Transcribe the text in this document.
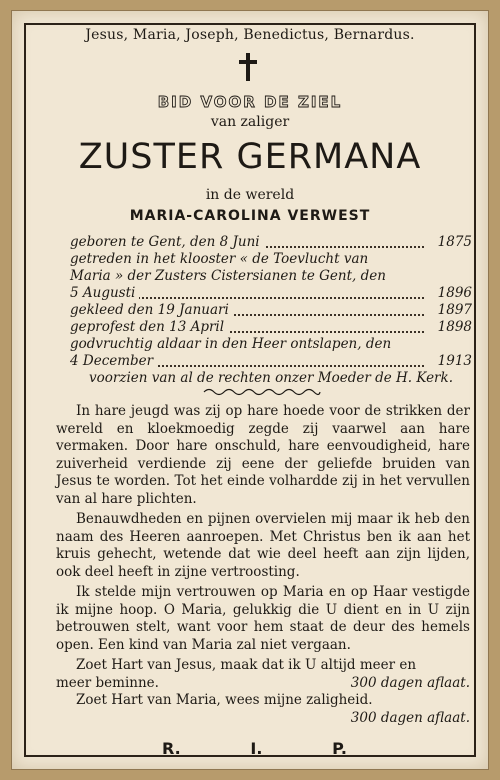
Jesus, Maria, Joseph, Benedictus, Bernardus.
BID VOOR DE ZIEL
van zaliger
ZUSTER GERMANA
in de wereld
MARIA-CAROLINA VERWEST
geboren te Gent, den 8 Juni	1875
getreden in het klooster « de Toevlucht van
Maria » der Zusters Cistersianen te Gent, den
5 Augusti	1896
gekleed den 19 Januari	1897
geprofest den 13 April	1898
godvruchtig aldaar in den Heer ontslapen, den
4 December	1913
voorzien van al de rechten onzer Moeder de H. Kerk.

In hare jeugd was zij op hare hoede voor de strikken der wereld en kloekmoedig zegde zij vaarwel aan hare vermaken. Door hare onschuld, hare eenvoudigheid, hare zuiverheid verdiende zij eene der geliefde bruiden van Jesus te worden. Tot het einde volhardde zij in het vervullen van al hare plichten.

Benauwdheden en pijnen overvielen mij maar ik heb den naam des Heeren aanroepen. Met Christus ben ik aan het kruis gehecht, wetende dat wie deel heeft aan zijn lijden, ook deel heeft in zijne vertroosting.

Ik stelde mijn vertrouwen op Maria en op Haar vestigde ik mijne hoop. O Maria, gelukkig die U dient en in U zijn betrouwen stelt, want voor hem staat de deur des hemels open. Een kind van Maria zal niet vergaan.

Zoet Hart van Jesus, maak dat ik U altijd meer en
meer beminne.	300 dagen aflaat.
Zoet Hart van Maria, wees mijne zaligheid.
300 dagen aflaat.
R.	I.	P.
